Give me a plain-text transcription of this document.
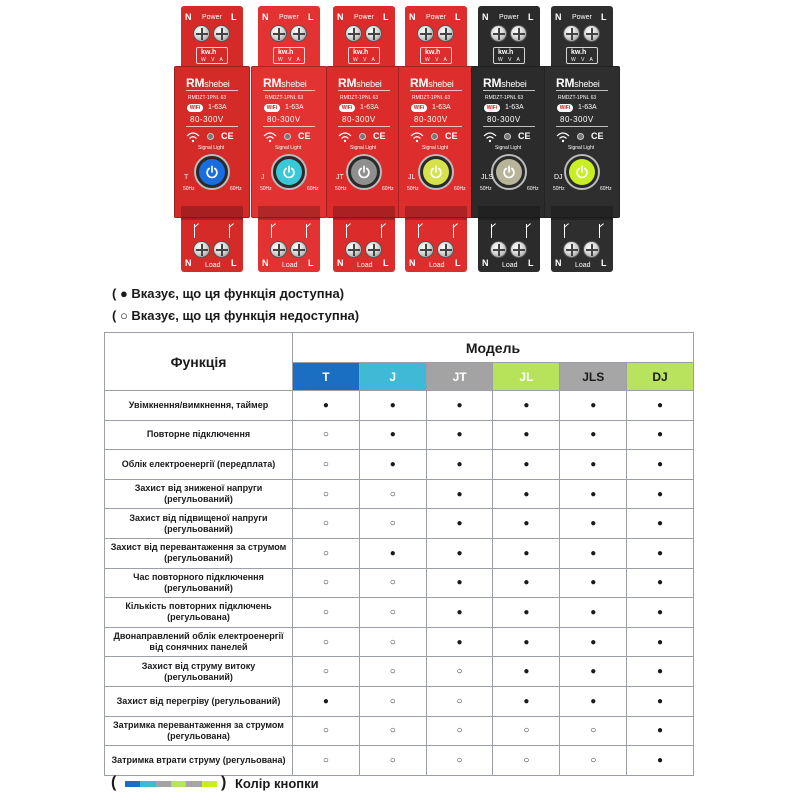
N Power L
kw.h
W V A
RMshebei
RMDZT-1PNL 63
WiFi	1-63A
80-300V
CE
Signal Light
T
50Hz	60Hz
N Load L
N Power L
kw.h
W V A
RMshebei
RMDZT-1PNL 63
WiFi	1-63A
80-300V
CE
Signal Light
J
50Hz	60Hz
N Load L
N Power L
kw.h
W V A
RMshebei
RMDZT-1PNL 63
WiFi	1-63A
80-300V
CE
Signal Light
JT
50Hz	60Hz
N Load L
N Power L
kw.h
W V A
RMshebei
RMDZT-1PNL 63
WiFi	1-63A
80-300V
CE
Signal Light
JL
50Hz	60Hz
N Load L
N Power L
kw.h
W V A
RMshebei
RMDZT-1PNL 63
WiFi	1-63A
80-300V
CE
Signal Light
JLS
50Hz	60Hz
N Load L
N Power L
kw.h
W V A
RMshebei
RMDZT-1PNL 63
WiFi	1-63A
80-300V
CE
Signal Light
DJ
50Hz	60Hz
N Load L
( ● Вказує, що ця функція доступна)
( ○ Вказує, що ця функція недоступна)
Функція	Модель					
	T	J	JT	JL	JLS	DJ
Увімкнення/вимкнення, таймер	●	●	●	●	●	●
Повторне підключення	○	●	●	●	●	●
Облік електроенергії (передплата)	○	●	●	●	●	●
Захист від зниженої напруги (регульований)	○	○	●	●	●	●
Захист від підвищеної напруги (регульований)	○	○	●	●	●	●
Захист від перевантаження за струмом (регульований)	○	●	●	●	●	●
Час повторного підключення (регульований)	○	○	●	●	●	●
Кількість повторних підключень (регульована)	○	○	●	●	●	●
Двонаправлений облік електроенергії від сонячних панелей	○	○	●	●	●	●
Захист від струму витоку (регульований)	○	○	○	●	●	●
Захист від перегріву (регульований)	●	○	○	●	●	●
Затримка перевантаження за струмом (регульована)	○	○	○	○	○	●
Затримка втрати струму (регульована)	○	○	○	○	○	●
(	) Колір кнопки
